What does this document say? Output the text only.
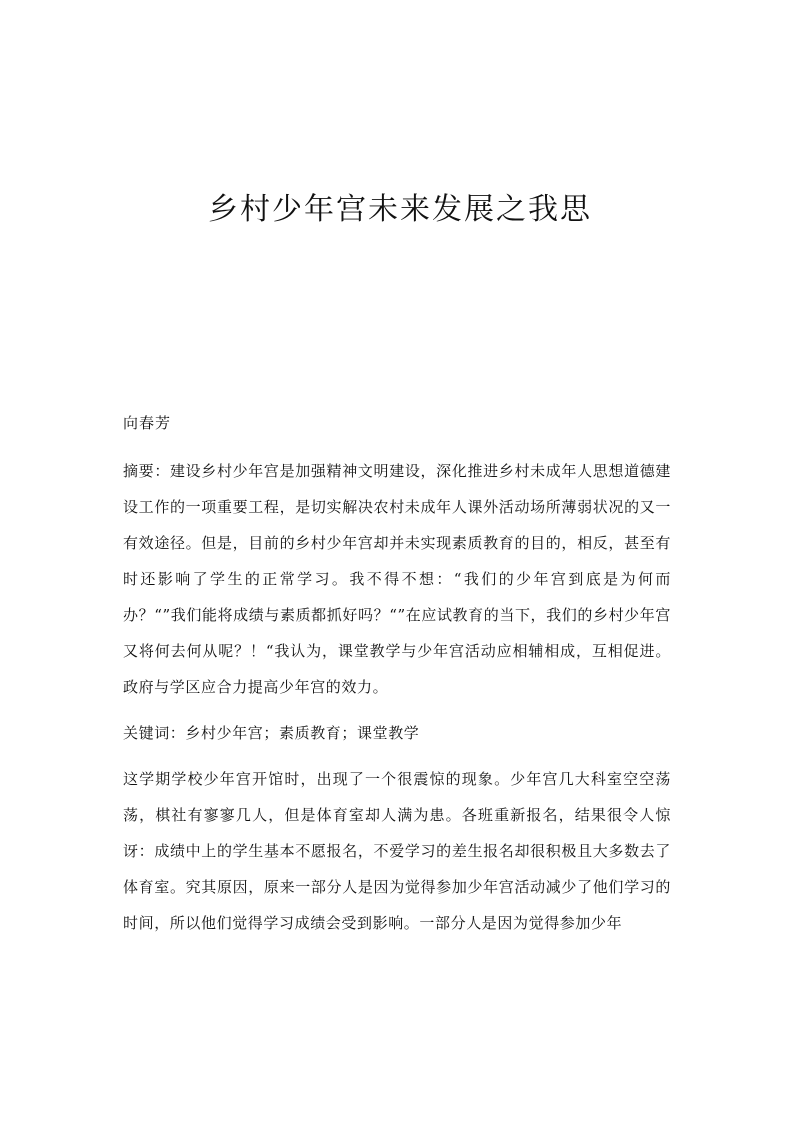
乡村少年宫未来发展之我思

向春芳

摘要：建设乡村少年宫是加强精神文明建设，深化推进乡村未成年人思想道德建设工作的一项重要工程，是切实解决农村未成年人课外活动场所薄弱状况的又一有效途径。但是，目前的乡村少年宫却并未实现素质教育的目的，相反，甚至有时还影响了学生的正常学习。我不得不想：“我们的少年宫到底是为何而办？“”我们能将成绩与素质都抓好吗？“”在应试教育的当下，我们的乡村少年宫又将何去何从呢？！“我认为，课堂教学与少年宫活动应相辅相成，互相促进。政府与学区应合力提高少年宫的效力。

关键词：乡村少年宫；素质教育；课堂教学

这学期学校少年宫开馆时，出现了一个很震惊的现象。少年宫几大科室空空荡荡，棋社有寥寥几人，但是体育室却人满为患。各班重新报名，结果很令人惊讶：成绩中上的学生基本不愿报名，不爱学习的差生报名却很积极且大多数去了体育室。究其原因，原来一部分人是因为觉得参加少年宫活动减少了他们学习的时间，所以他们觉得学习成绩会受到影响。一部分人是因为觉得参加少年
